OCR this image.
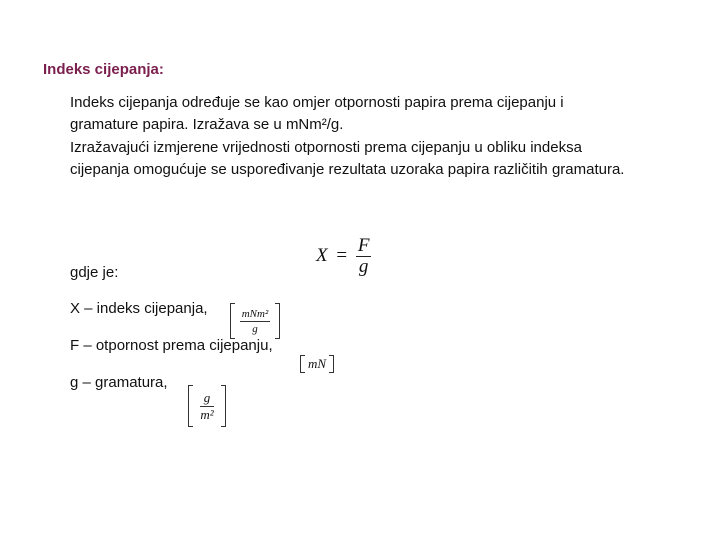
Indeks cijepanja:
Indeks cijepanja određuje se kao omjer otpornosti papira prema cijepanju i
gramature papira. Izražava se u mNm²/g.
Izražavajući izmjerene vrijednosti otpornosti prema cijepanju u obliku indeksa
cijepanja omogućuje se uspoređivanje rezultata uzoraka papira različitih gramatura.
$X = \frac{F}{g}$
gdje je:
X – indeks cijepanja,
F – otpornost prema cijepanju,
g – gramatura,
mNm²
g
mN
$\frac{g}{\text{m²}}$
